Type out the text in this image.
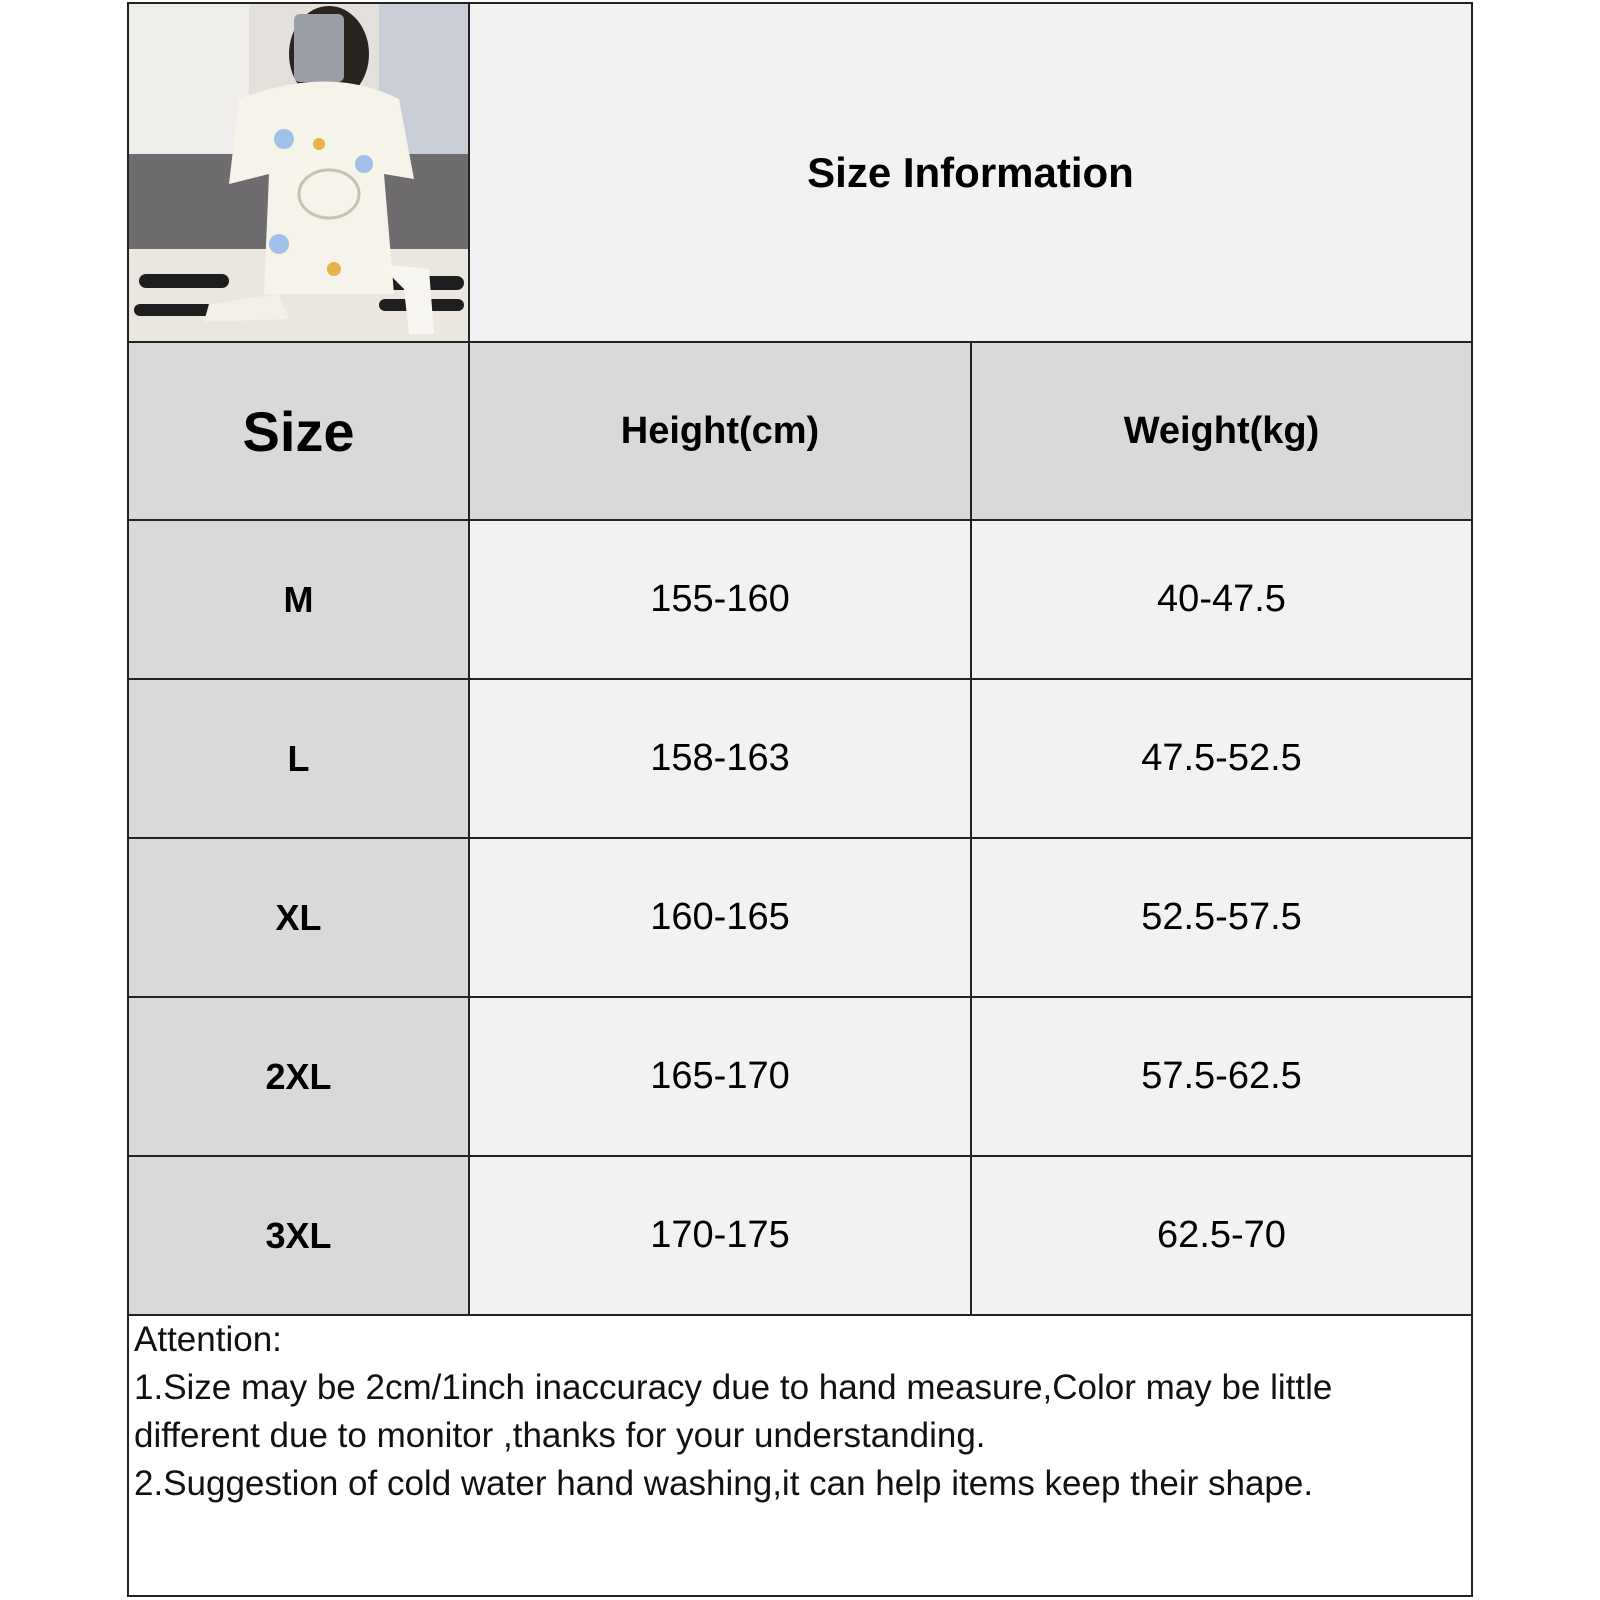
Size Information
Size	Height(cm)	Weight(kg)
M	155-160	40-47.5
L	158-163	47.5-52.5
XL	160-165	52.5-57.5
2XL	165-170	57.5-62.5
3XL	170-175	62.5-70
Attention:
1.Size may be 2cm/1inch inaccuracy due to hand measure,Color may be little
different due to monitor ,thanks for your understanding.
2.Suggestion of cold water hand washing,it can help items keep their shape.
